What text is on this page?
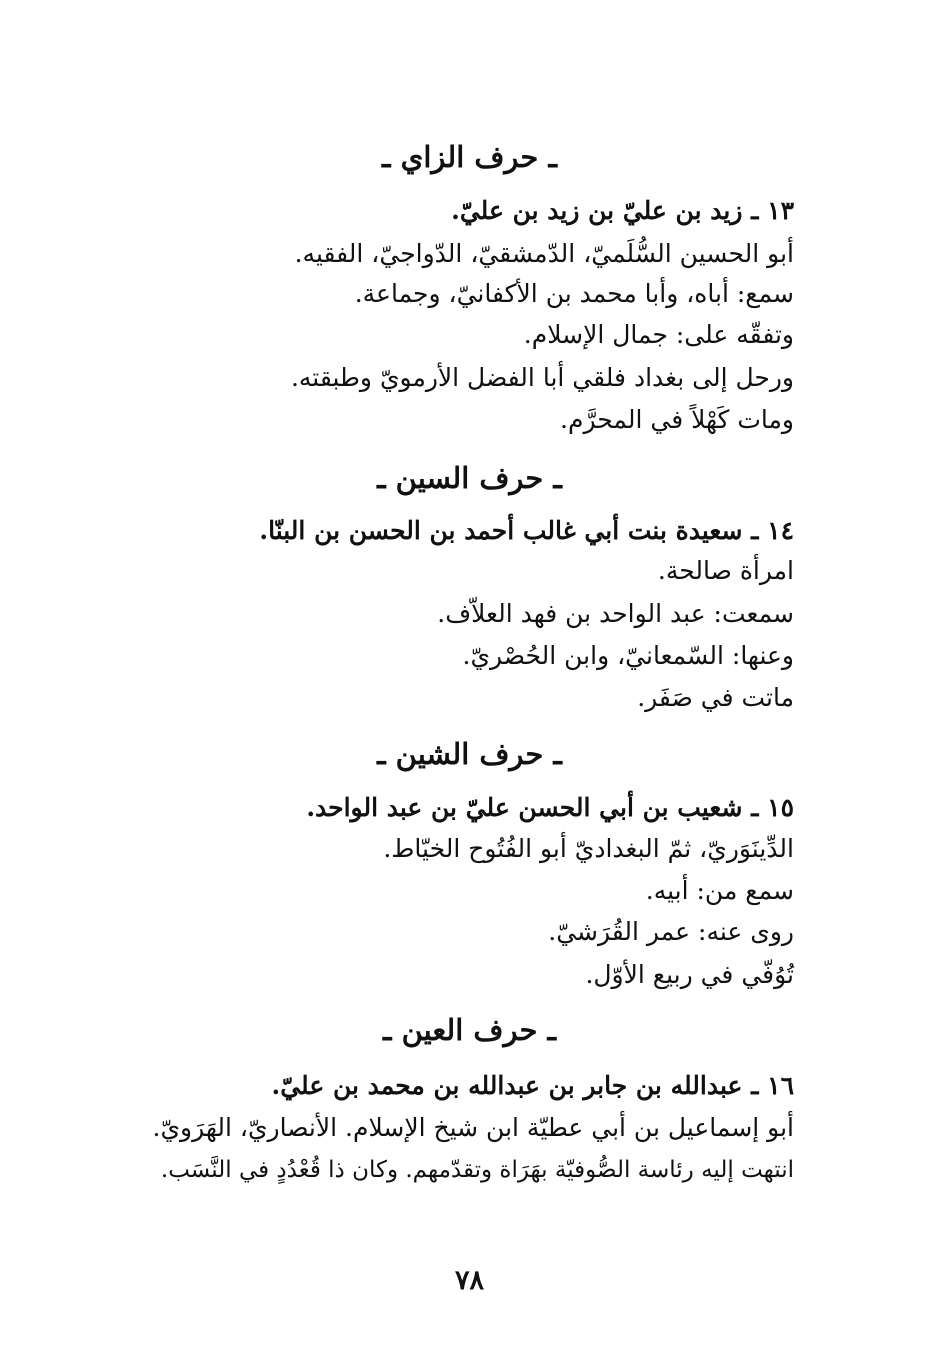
ـ حرف الزاي ـ
١٣ ـ زيد بن عليّ بن زيد بن عليّ.
أبو الحسين السُّلَميّ، الدّمشقيّ، الدّواجيّ، الفقيه.
سمع: أباه، وأبا محمد بن الأكفانيّ، وجماعة.
وتفقّه على: جمال الإسلام.
ورحل إلى بغداد فلقي أبا الفضل الأرمويّ وطبقته.
ومات كَهْلاً في المحرَّم.
ـ حرف السين ـ
١٤ ـ سعيدة بنت أبي غالب أحمد بن الحسن بن البنّا.
امرأة صالحة.
سمعت: عبد الواحد بن فهد العلاّف.
وعنها: السّمعانيّ، وابن الحُصْريّ.
ماتت في صَفَر.
ـ حرف الشين ـ
١٥ ـ شعيب بن أبي الحسن عليّ بن عبد الواحد.
الدِّينَوَريّ، ثمّ البغداديّ أبو الفُتُوح الخيّاط.
سمع من: أبيه.
روى عنه: عمر القُرَشيّ.
تُوُفّي في ربيع الأوّل.
ـ حرف العين ـ
١٦ ـ عبدالله بن جابر بن عبدالله بن محمد بن عليّ.
أبو إسماعيل بن أبي عطيّة ابن شيخ الإسلام. الأنصاريّ، الهَرَويّ.
انتهت إليه رئاسة الصُّوفيّة بهَرَاة وتقدّمهم. وكان ذا قُعْدُدٍ في النَّسَب.
٧٨
